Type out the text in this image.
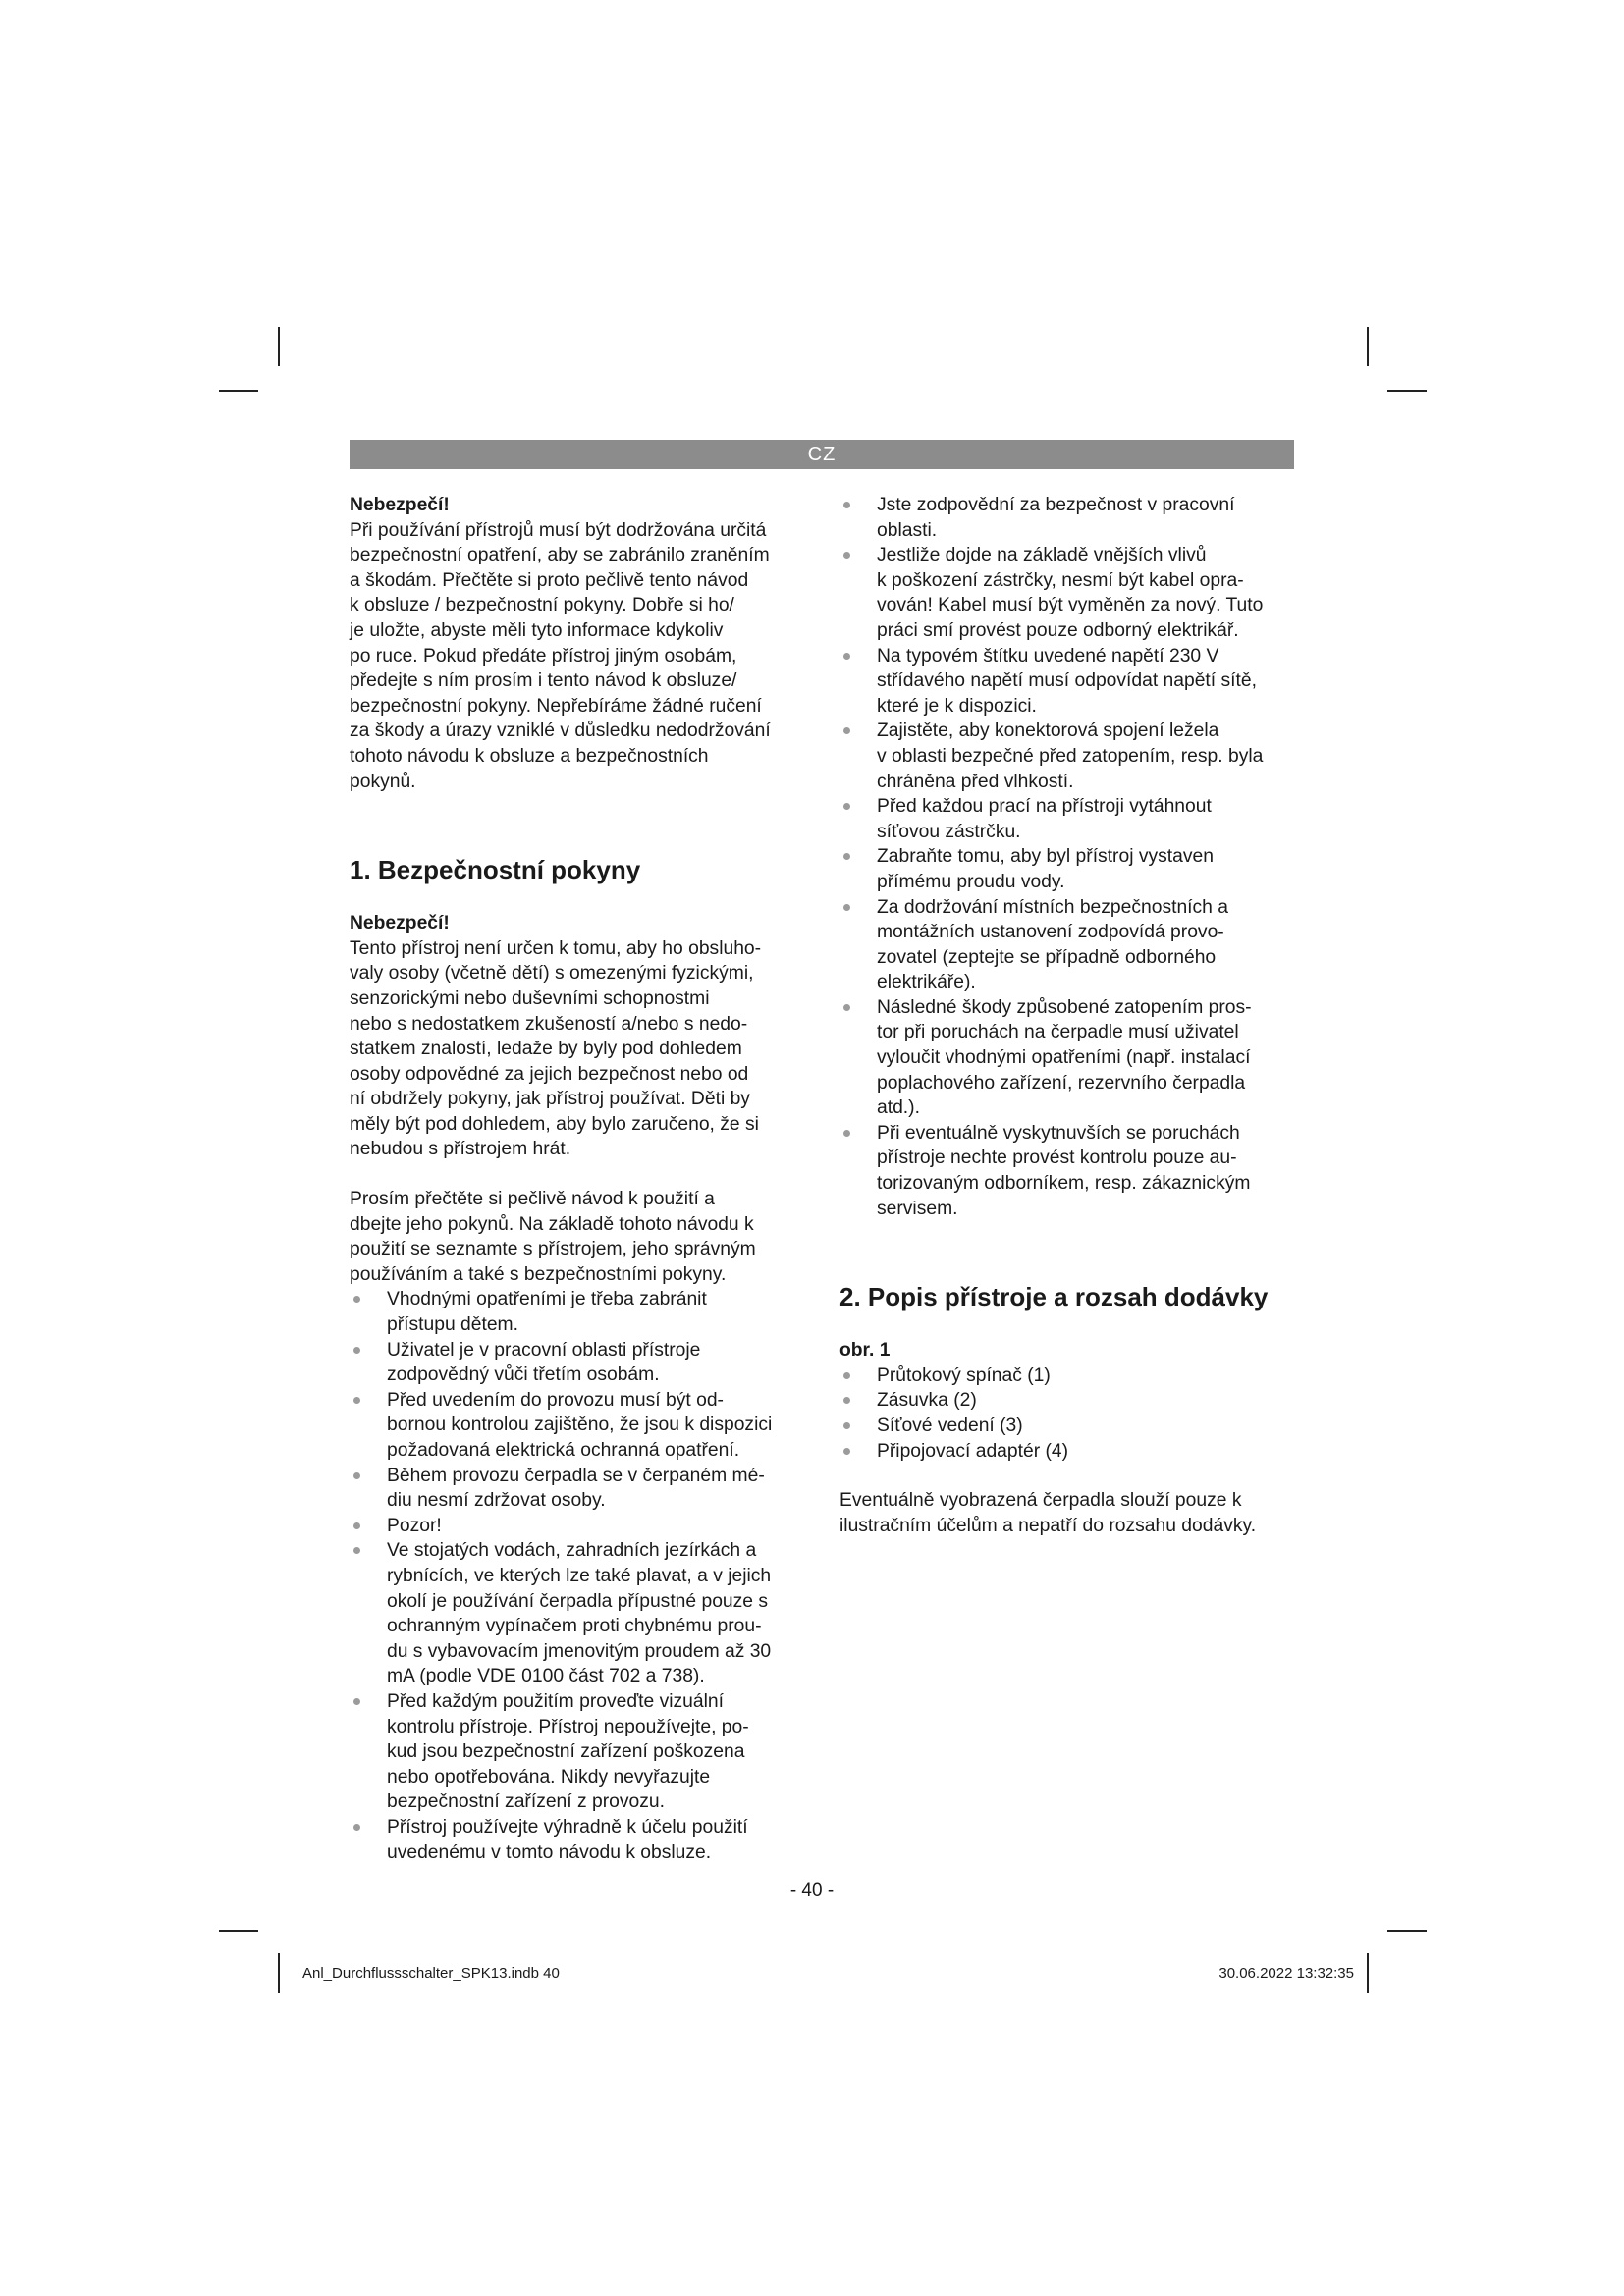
CZ
Nebezpečí!
Při používání přístrojů musí být dodržována určitá
bezpečnostní opatření, aby se zabránilo zraněním
a škodám. Přečtěte si proto pečlivě tento návod
k obsluze / bezpečnostní pokyny. Dobře si ho/
je uložte, abyste měli tyto informace kdykoliv
po ruce. Pokud předáte přístroj jiným osobám,
předejte s ním prosím i tento návod k obsluze/
bezpečnostní pokyny. Nepřebíráme žádné ručení
za škody a úrazy vzniklé v důsledku nedodržování
tohoto návodu k obsluze a bezpečnostních
pokynů.
1. Bezpečnostní pokyny
Nebezpečí!
Tento přístroj není určen k tomu, aby ho obsluho-
valy osoby (včetně dětí) s omezenými fyzickými,
senzorickými nebo duševními schopnostmi
nebo s nedostatkem zkušeností a/nebo s nedo-
statkem znalostí, ledaže by byly pod dohledem
osoby odpovědné za jejich bezpečnost nebo od
ní obdržely pokyny, jak přístroj používat. Děti by
měly být pod dohledem, aby bylo zaručeno, že si
nebudou s přístrojem hrát.
Prosím přečtěte si pečlivě návod k použití a
dbejte jeho pokynů. Na základě tohoto návodu k
použití se seznamte s přístrojem, jeho správným
používáním a také s bezpečnostními pokyny.
Vhodnými opatřeními je třeba zabránit
přístupu dětem.
Uživatel je v pracovní oblasti přístroje
zodpovědný vůči třetím osobám.
Před uvedením do provozu musí být od-
bornou kontrolou zajištěno, že jsou k dispozici
požadovaná elektrická ochranná opatření.
Během provozu čerpadla se v čerpaném mé-
diu nesmí zdržovat osoby.
Pozor!
Ve stojatých vodách, zahradních jezírkách a
rybnících, ve kterých lze také plavat, a v jejich
okolí je používání čerpadla přípustné pouze s
ochranným vypínačem proti chybnému prou-
du s vybavovacím jmenovitým proudem až 30
mA (podle VDE 0100 část 702 a 738).
Před každým použitím proveďte vizuální
kontrolu přístroje. Přístroj nepoužívejte, po-
kud jsou bezpečnostní zařízení poškozena
nebo opotřebována. Nikdy nevyřazujte
bezpečnostní zařízení z provozu.
Přístroj používejte výhradně k účelu použití
uvedenému v tomto návodu k obsluze.
Jste zodpovědní za bezpečnost v pracovní
oblasti.
Jestliže dojde na základě vnějších vlivů
k poškození zástrčky, nesmí být kabel opra-
vován! Kabel musí být vyměněn za nový. Tuto
práci smí provést pouze odborný elektrikář.
Na typovém štítku uvedené napětí 230 V
střídavého napětí musí odpovídat napětí sítě,
které je k dispozici.
Zajistěte, aby konektorová spojení ležela
v oblasti bezpečné před zatopením, resp. byla
chráněna před vlhkostí.
Před každou prací na přístroji vytáhnout
síťovou zástrčku.
Zabraňte tomu, aby byl přístroj vystaven
přímému proudu vody.
Za dodržování místních bezpečnostních a
montážních ustanovení zodpovídá provo-
zovatel (zeptejte se případně odborného
elektrikáře).
Následné škody způsobené zatopením pros-
tor při poruchách na čerpadle musí uživatel
vyloučit vhodnými opatřeními (např. instalací
poplachového zařízení, rezervního čerpadla
atd.).
Při eventuálně vyskytnuvších se poruchách
přístroje nechte provést kontrolu pouze au-
torizovaným odborníkem, resp. zákaznickým
servisem.
2. Popis přístroje a rozsah dodávky
obr. 1
Průtokový spínač (1)
Zásuvka (2)
Síťové vedení (3)
Připojovací adaptér (4)
Eventuálně vyobrazená čerpadla slouží pouze k
ilustračním účelům a nepatří do rozsahu dodávky.
- 40 -
Anl_Durchflussschalter_SPK13.indb 40	30.06.2022 13:32:35
